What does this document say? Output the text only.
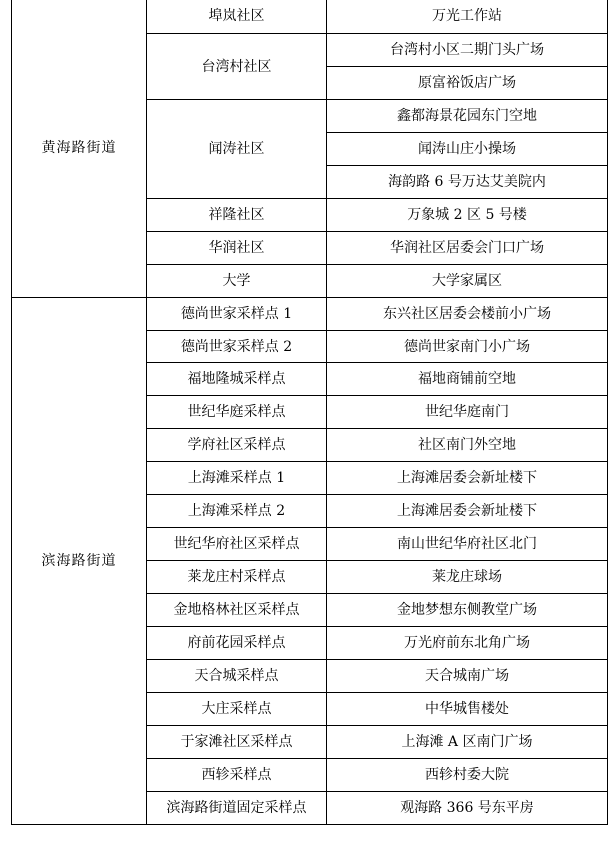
黄海路街道	埠岚社区	万光工作站
	台湾村社区	台湾村小区二期门头广场
		原富裕饭店广场
	闻涛社区	鑫都海景花园东门空地
		闻涛山庄小操场
		海韵路 6 号万达艾美院内
	祥隆社区	万象城 2 区 5 号楼
	华润社区	华润社区居委会门口广场
	大学	大学家属区
滨海路街道	德尚世家采样点 1	东兴社区居委会楼前小广场
	德尚世家采样点 2	德尚世家南门小广场
	福地隆城采样点	福地商铺前空地
	世纪华庭采样点	世纪华庭南门
	学府社区采样点	社区南门外空地
	上海滩采样点 1	上海滩居委会新址楼下
	上海滩采样点 2	上海滩居委会新址楼下
	世纪华府社区采样点	南山世纪华府社区北门
	莱龙庄村采样点	莱龙庄球场
	金地格林社区采样点	金地梦想东侧教堂广场
	府前花园采样点	万光府前东北角广场
	天合城采样点	天合城南广场
	大庄采样点	中华城售楼处
	于家滩社区采样点	上海滩 A 区南门广场
	西轸采样点	西轸村委大院
	滨海路街道固定采样点	观海路 366 号东平房
